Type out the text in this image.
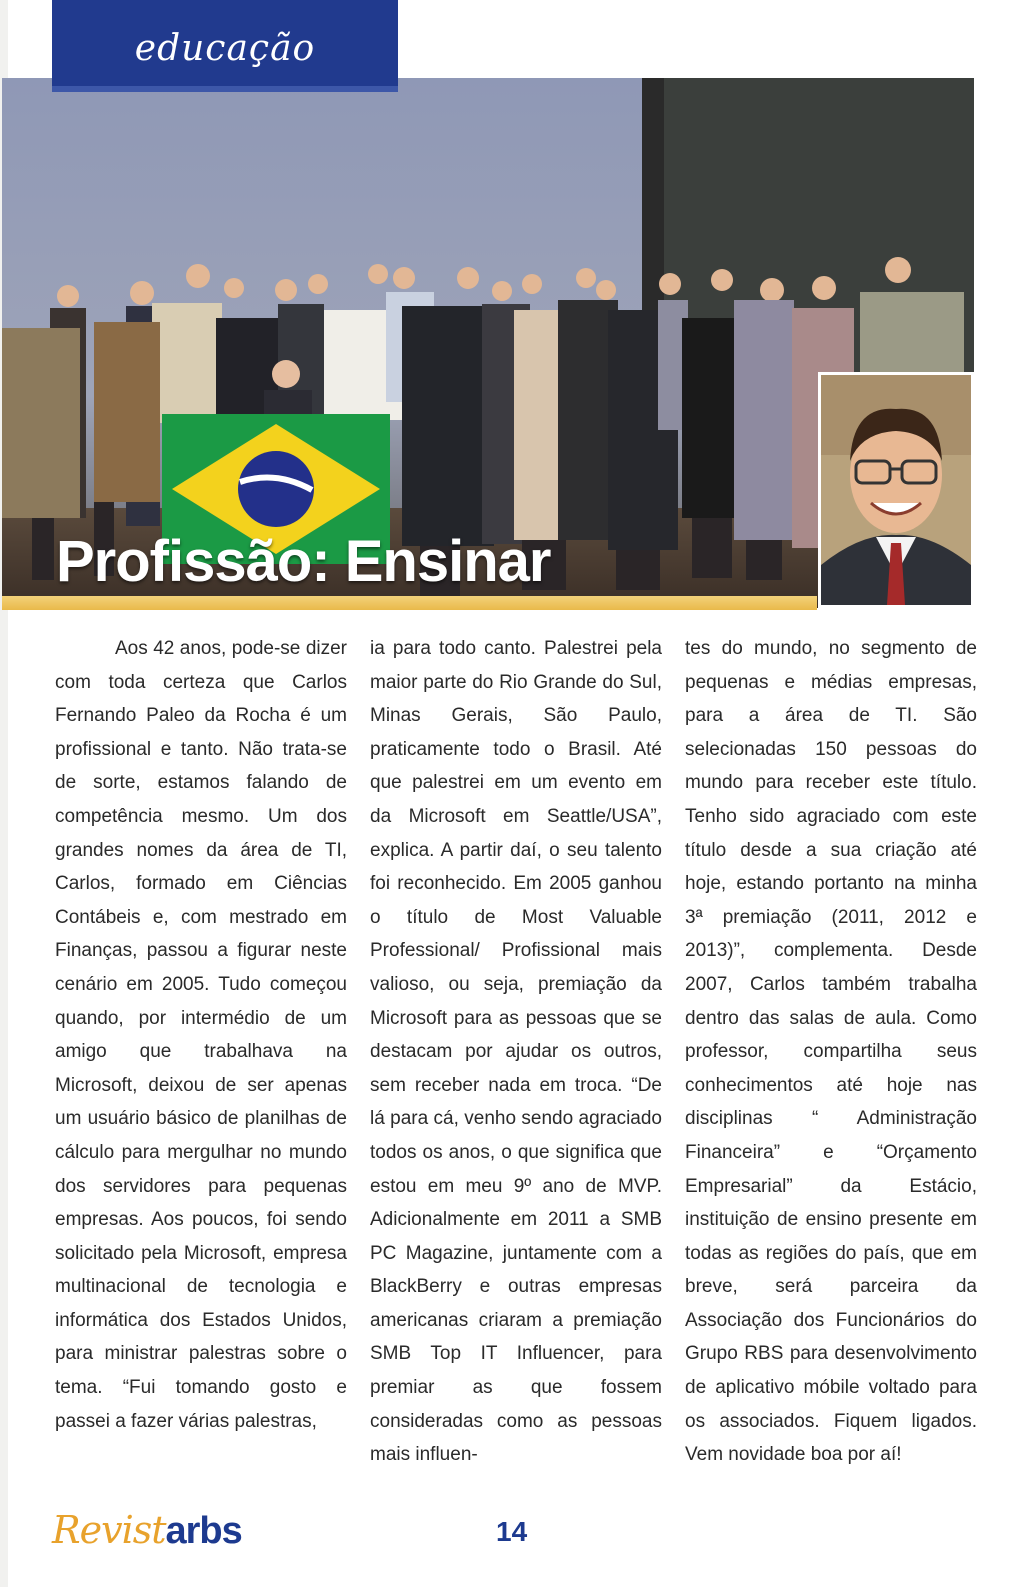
educação
Profissão: Ensinar
Aos 42 anos, pode-se dizer com toda certeza que Carlos Fernando Paleo da Rocha é um profissional e tanto. Não trata-se de sorte, estamos falando de competência mesmo. Um dos grandes nomes da área de TI, Carlos, formado em Ciências Contábeis e, com mestrado em Finanças, passou a figurar neste cenário em 2005. Tudo começou quando, por intermédio de um amigo que trabalhava na Microsoft, deixou de ser apenas um usuário básico de planilhas de cálculo para mergulhar no mundo dos servidores para pequenas empresas. Aos poucos, foi sendo solicitado pela Microsoft, empresa multinacional de tecnologia e informática dos Estados Unidos, para ministrar palestras sobre o tema. “Fui tomando gosto e passei a fazer várias palestras,
ia para todo canto. Palestrei pela maior parte do Rio Grande do Sul, Minas Gerais, São Paulo, praticamente todo o Brasil. Até que palestrei em um evento em da Microsoft em Seattle/USA”, explica. A partir daí, o seu talento foi reconhecido. Em 2005 ganhou o título de Most Valuable Professional/ Profissional mais valioso, ou seja, premiação da Microsoft para as pessoas que se destacam por ajudar os outros, sem receber nada em troca. “De lá para cá, venho sendo agraciado todos os anos, o que significa que estou em meu 9º ano de MVP. Adicionalmente em 2011 a SMB PC Magazine, juntamente com a BlackBerry e outras empresas americanas criaram a premiação SMB Top IT Influencer, para premiar as que fossem consideradas como as pessoas mais influen-
tes do mundo, no segmento de pequenas e médias empresas, para a área de TI. São selecionadas 150 pessoas do mundo para receber este título. Tenho sido agraciado com este título desde a sua criação até hoje, estando portanto na minha 3ª premiação (2011, 2012 e 2013)”, complementa. Desde 2007, Carlos também trabalha dentro das salas de aula. Como professor, compartilha seus conhecimentos até hoje nas disciplinas “ Administração Financeira” e “Orçamento Empresarial” da Estácio, instituição de ensino presente em todas as regiões do país, que em breve, será parceira da Associação dos Funcionários do Grupo RBS para desenvolvimento de aplicativo móbile voltado para os associados. Fiquem ligados. Vem novidade boa por aí!
Revistarbs	14
